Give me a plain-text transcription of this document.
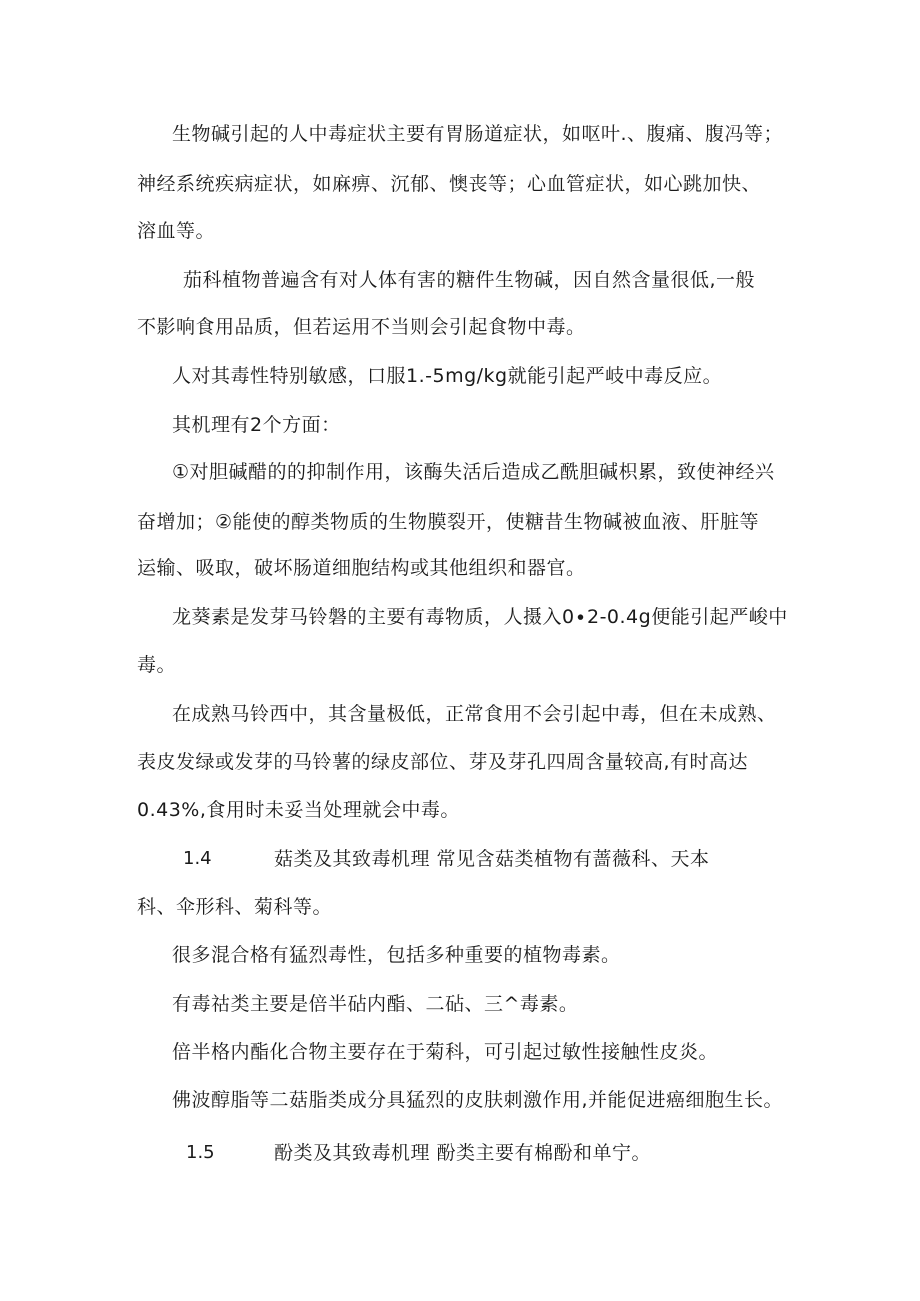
生物碱引起的人中毒症状主要有胃肠道症状，如呕叶.、腹痛、腹冯等；
神经系统疾病症状，如麻痹、沉郁、懊丧等；心血管症状，如心跳加快、
溶血等。
茄科植物普遍含有对人体有害的糖件生物碱，因自然含量很低,一般
不影响食用品质，但若运用不当则会引起食物中毒。
人对其毒性特别敏感，口服1.-5mg∕kg就能引起严岐中毒反应。
其机理有2个方面：
①对胆碱醋的的抑制作用，该酶失活后造成乙酰胆碱枳累，致使神经兴
奋增加；②能使的醇类物质的生物膜裂开，使糖昔生物碱被血液、肝脏等
运输、吸取，破坏肠道细胞结构或其他组织和器官。
龙葵素是发芽马铃磐的主要有毒物质，人摄入0∙2-0.4g便能引起严峻中
毒。
在成熟马铃西中，其含量极低，正常食用不会引起中毒，但在未成熟、
表皮发绿或发芽的马铃薯的绿皮部位、芽及芽孔四周含量较高,有时高达
0.43%,食用时未妥当处理就会中毒。
1.4	菇类及其致毒机理 常见含菇类植物有蔷薇科、天本
科、伞形科、菊科等。
很多混合格有猛烈毒性，包括多种重要的植物毒素。
有毒祜类主要是倍半砧内酯、二砧、三^毒素。
倍半格内酯化合物主要存在于菊科，可引起过敏性接触性皮炎。
佛波醇脂等二菇脂类成分具猛烈的皮肤刺激作用,并能促进癌细胞生长。
1.5	酚类及其致毒机理 酚类主要有棉酚和单宁。
